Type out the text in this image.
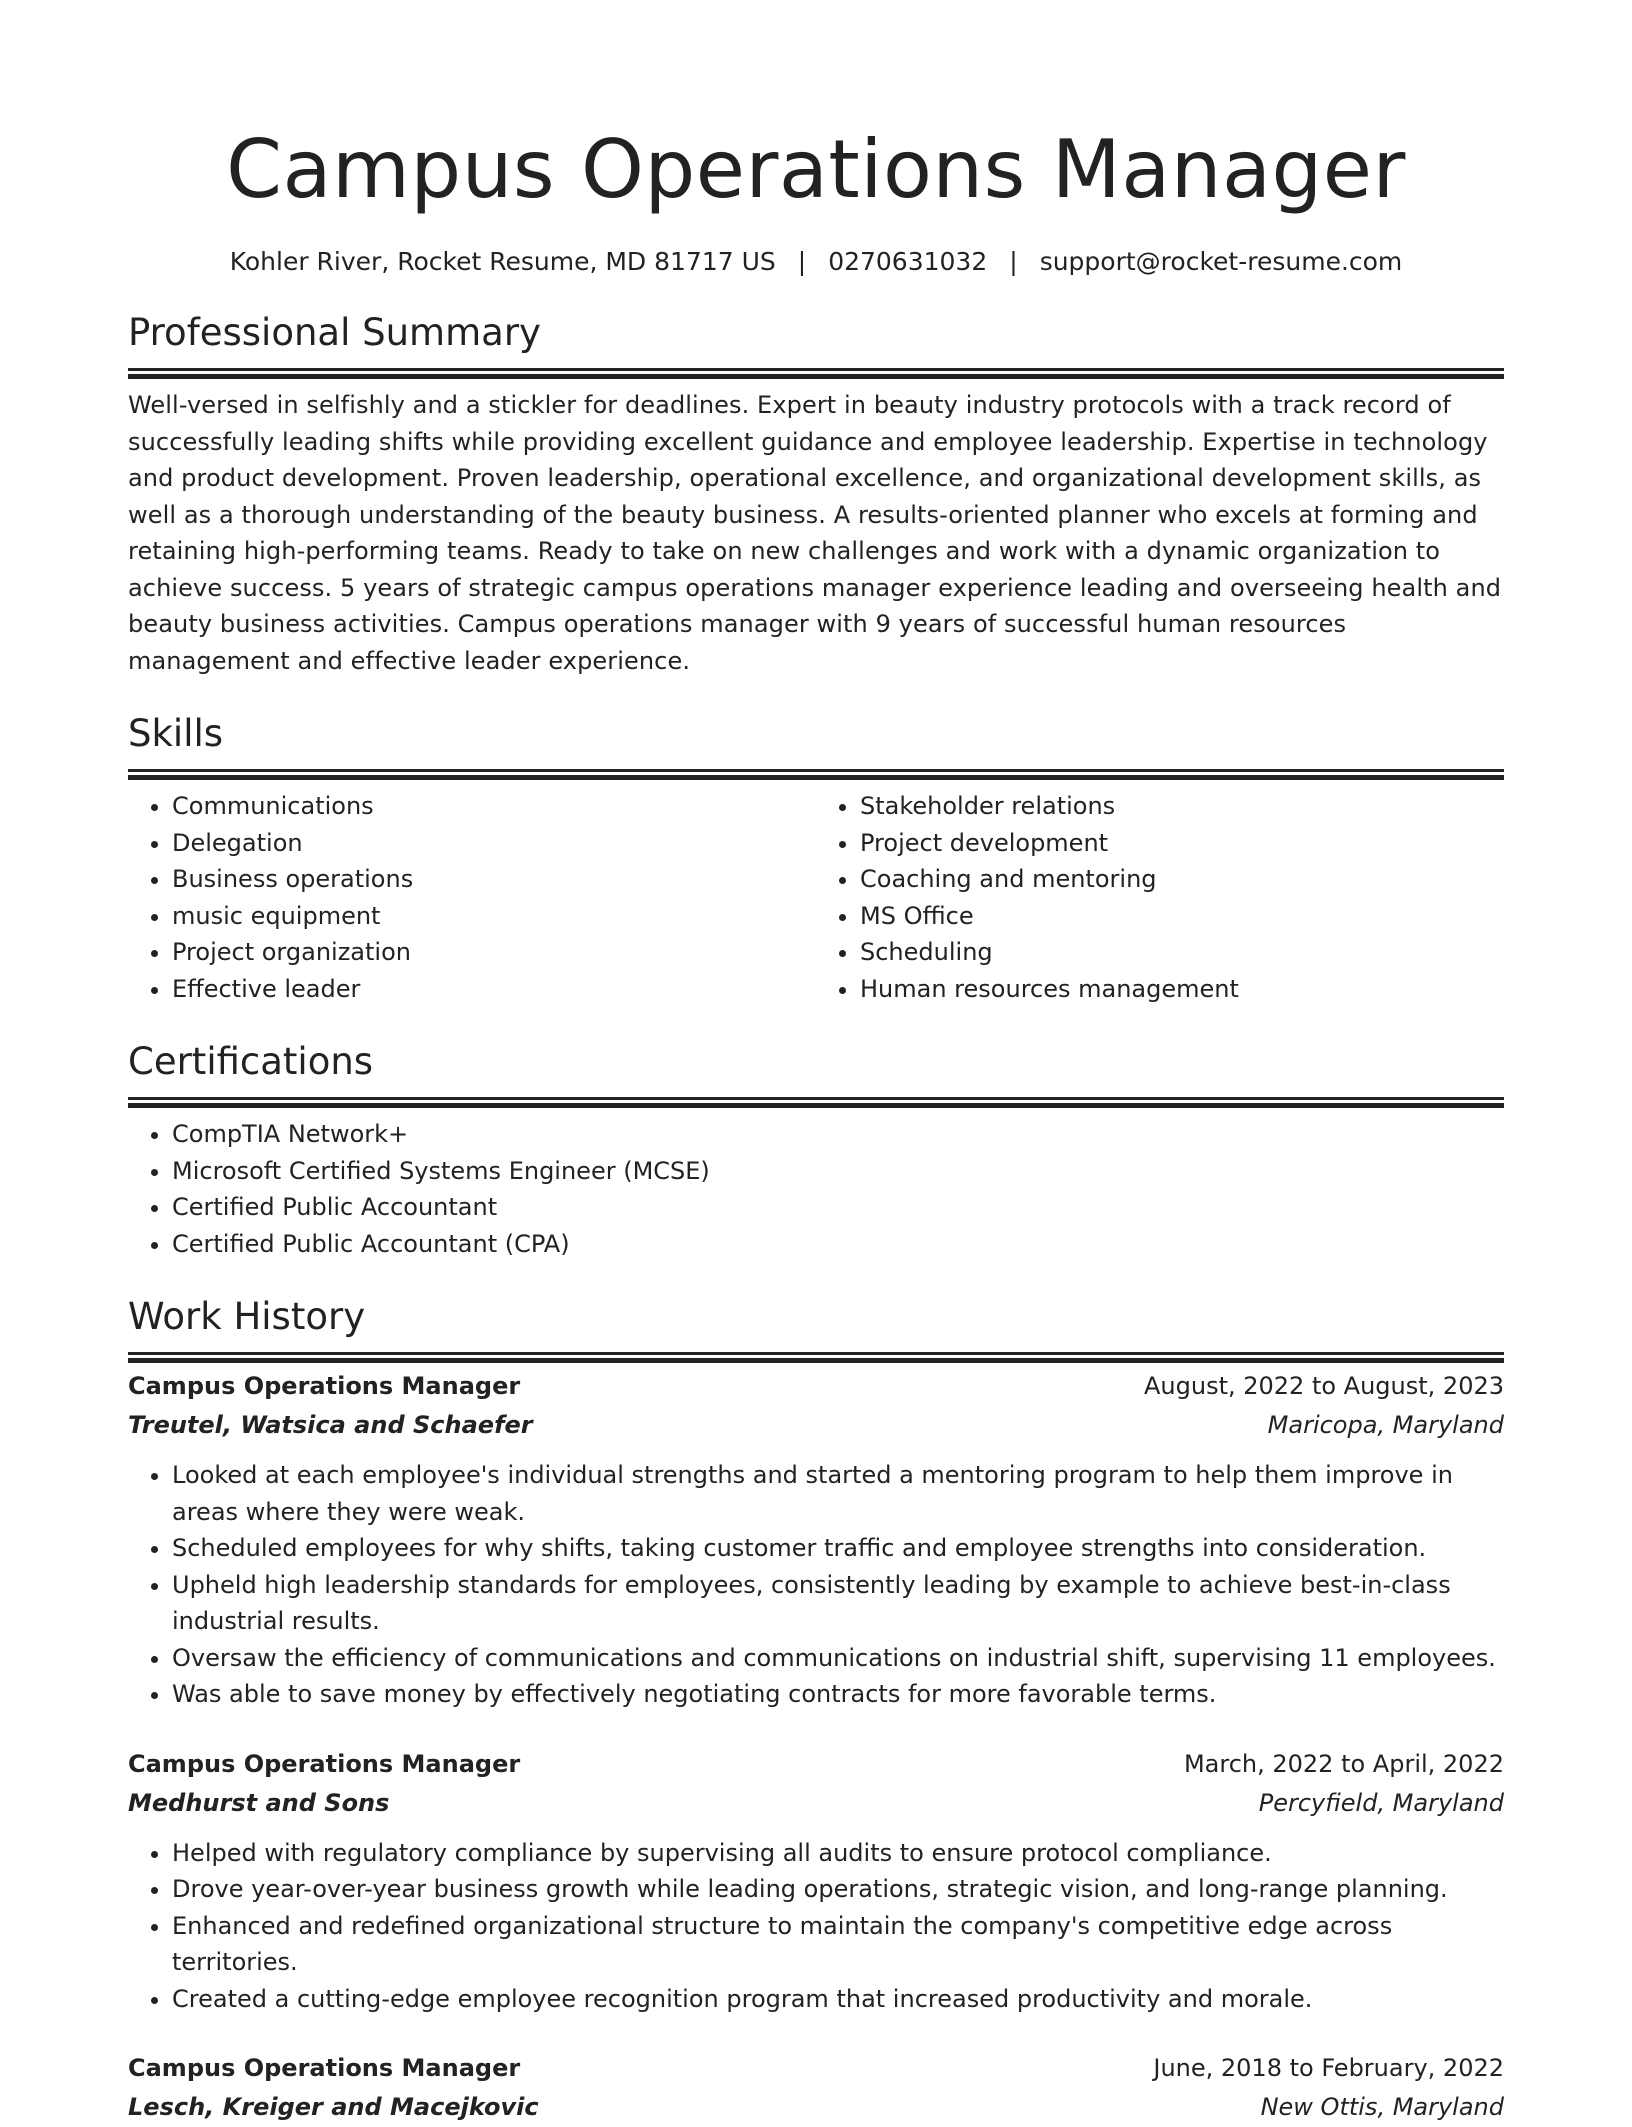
Campus Operations Manager
Kohler River, Rocket Resume, MD 81717 US | 0270631032 | support@rocket-resume.com
Professional Summary

Well-versed in selfishly and a stickler for deadlines. Expert in beauty industry protocols with a track record of successfully leading shifts while providing excellent guidance and employee leadership. Expertise in technology and product development. Proven leadership, operational excellence, and organizational development skills, as well as a thorough understanding of the beauty business. A results-oriented planner who excels at forming and retaining high-performing teams. Ready to take on new challenges and work with a dynamic organization to achieve success. 5 years of strategic campus operations manager experience leading and overseeing health and beauty business activities. Campus operations manager with 9 years of successful human resources management and effective leader experience.

Skills
• Communications
• Delegation
• Business operations
• music equipment
• Project organization
• Effective leader
• Stakeholder relations
• Project development
• Coaching and mentoring
• MS Office
• Scheduling
• Human resources management
Certifications
• CompTIA Network+
• Microsoft Certified Systems Engineer (MCSE)
• Certified Public Accountant
• Certified Public Accountant (CPA)
Work History
Campus Operations Manager	August, 2022 to August, 2023
Treutel, Watsica and Schaefer	Maricopa, Maryland
• Looked at each employee's individual strengths and started a mentoring program to help them improve in areas where they were weak.
• Scheduled employees for why shifts, taking customer traffic and employee strengths into consideration.
• Upheld high leadership standards for employees, consistently leading by example to achieve best-in-class industrial results.
• Oversaw the efficiency of communications and communications on industrial shift, supervising 11 employees.
• Was able to save money by effectively negotiating contracts for more favorable terms.
Campus Operations Manager	March, 2022 to April, 2022
Medhurst and Sons	Percyfield, Maryland
• Helped with regulatory compliance by supervising all audits to ensure protocol compliance.
• Drove year-over-year business growth while leading operations, strategic vision, and long-range planning.
• Enhanced and redefined organizational structure to maintain the company's competitive edge across territories.
• Created a cutting-edge employee recognition program that increased productivity and morale.
Campus Operations Manager	June, 2018 to February, 2022
Lesch, Kreiger and Macejkovic	New Ottis, Maryland
